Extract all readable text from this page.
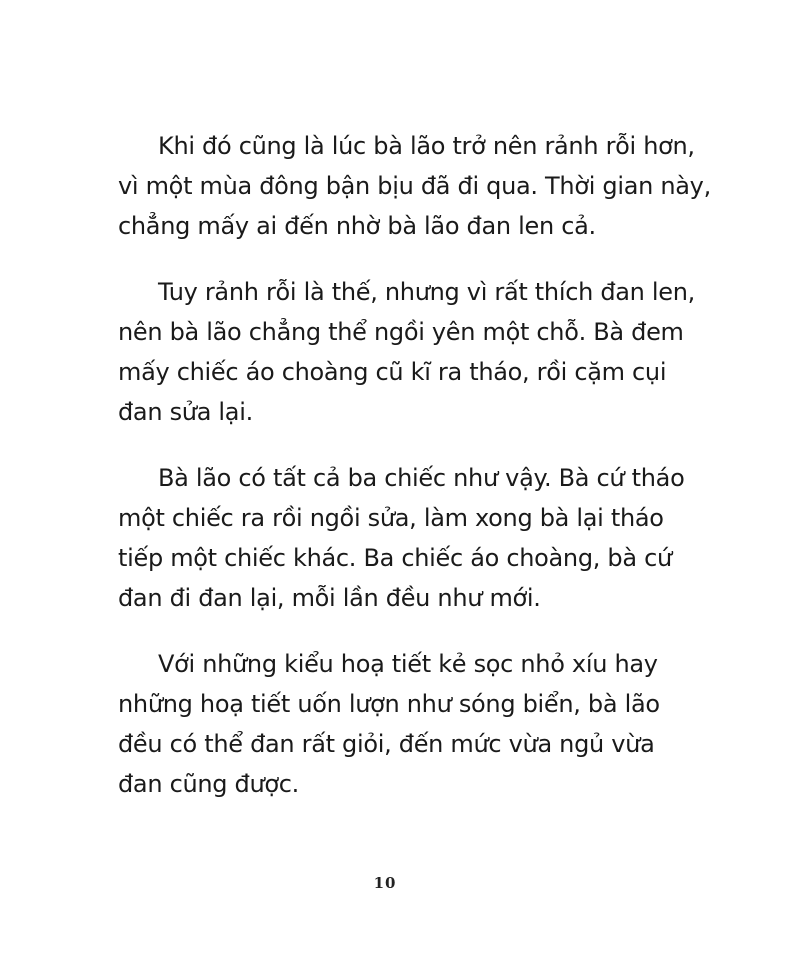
Khi đó cũng là lúc bà lão trở nên rảnh rỗi hơn,
vì một mùa đông bận bịu đã đi qua. Thời gian này,
chẳng mấy ai đến nhờ bà lão đan len cả.
Tuy rảnh rỗi là thế, nhưng vì rất thích đan len,
nên bà lão chẳng thể ngồi yên một chỗ. Bà đem
mấy chiếc áo choàng cũ kĩ ra tháo, rồi cặm cụi
đan sửa lại.
Bà lão có tất cả ba chiếc như vậy. Bà cứ tháo
một chiếc ra rồi ngồi sửa, làm xong bà lại tháo
tiếp một chiếc khác. Ba chiếc áo choàng, bà cứ
đan đi đan lại, mỗi lần đều như mới.
Với những kiểu hoạ tiết kẻ sọc nhỏ xíu hay
những hoạ tiết uốn lượn như sóng biển, bà lão
đều có thể đan rất giỏi, đến mức vừa ngủ vừa
đan cũng được.
10
